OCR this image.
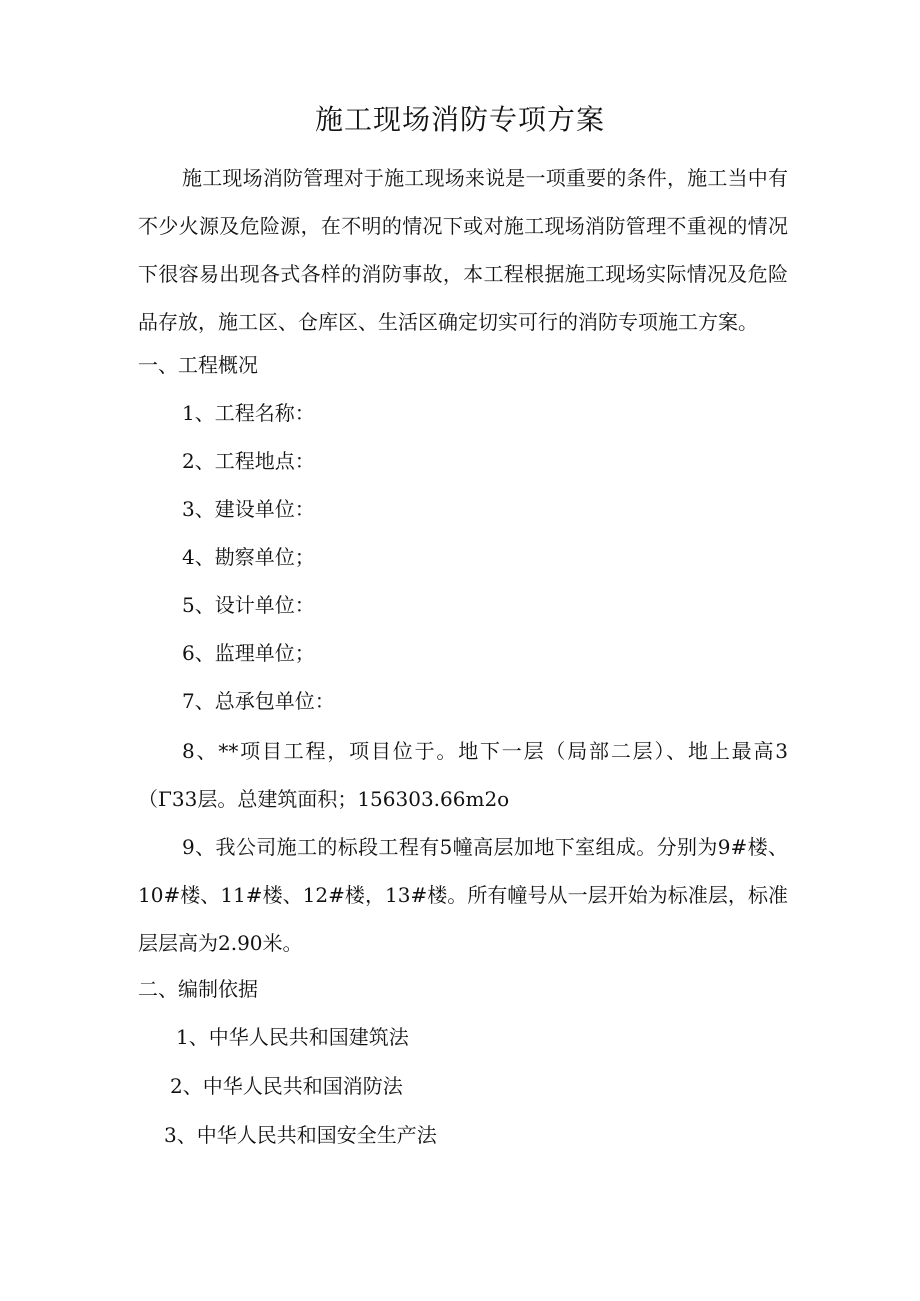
施工现场消防专项方案
施工现场消防管理对于施工现场来说是一项重要的条件，施工当中有不少火源及危险源，在不明的情况下或对施工现场消防管理不重视的情况下很容易出现各式各样的消防事故，本工程根据施工现场实际情况及危险品存放，施工区、仓库区、生活区确定切实可行的消防专项施工方案。
一、工程概况
1、工程名称：
2、工程地点：
3、建设单位：
4、勘察单位；
5、设计单位：
6、监理单位；
7、总承包单位：
8、**项目工程，项目位于。地下一层（局部二层）、地上最高3（Γ33层。总建筑面积；156303.66m2o
9、我公司施工的标段工程有5幢高层加地下室组成。分别为9#楼、10#楼、11#楼、12#楼，13#楼。所有幢号从一层开始为标准层，标准层层高为2.90米。
二、编制依据
1、中华人民共和国建筑法
2、中华人民共和国消防法
3、中华人民共和国安全生产法
